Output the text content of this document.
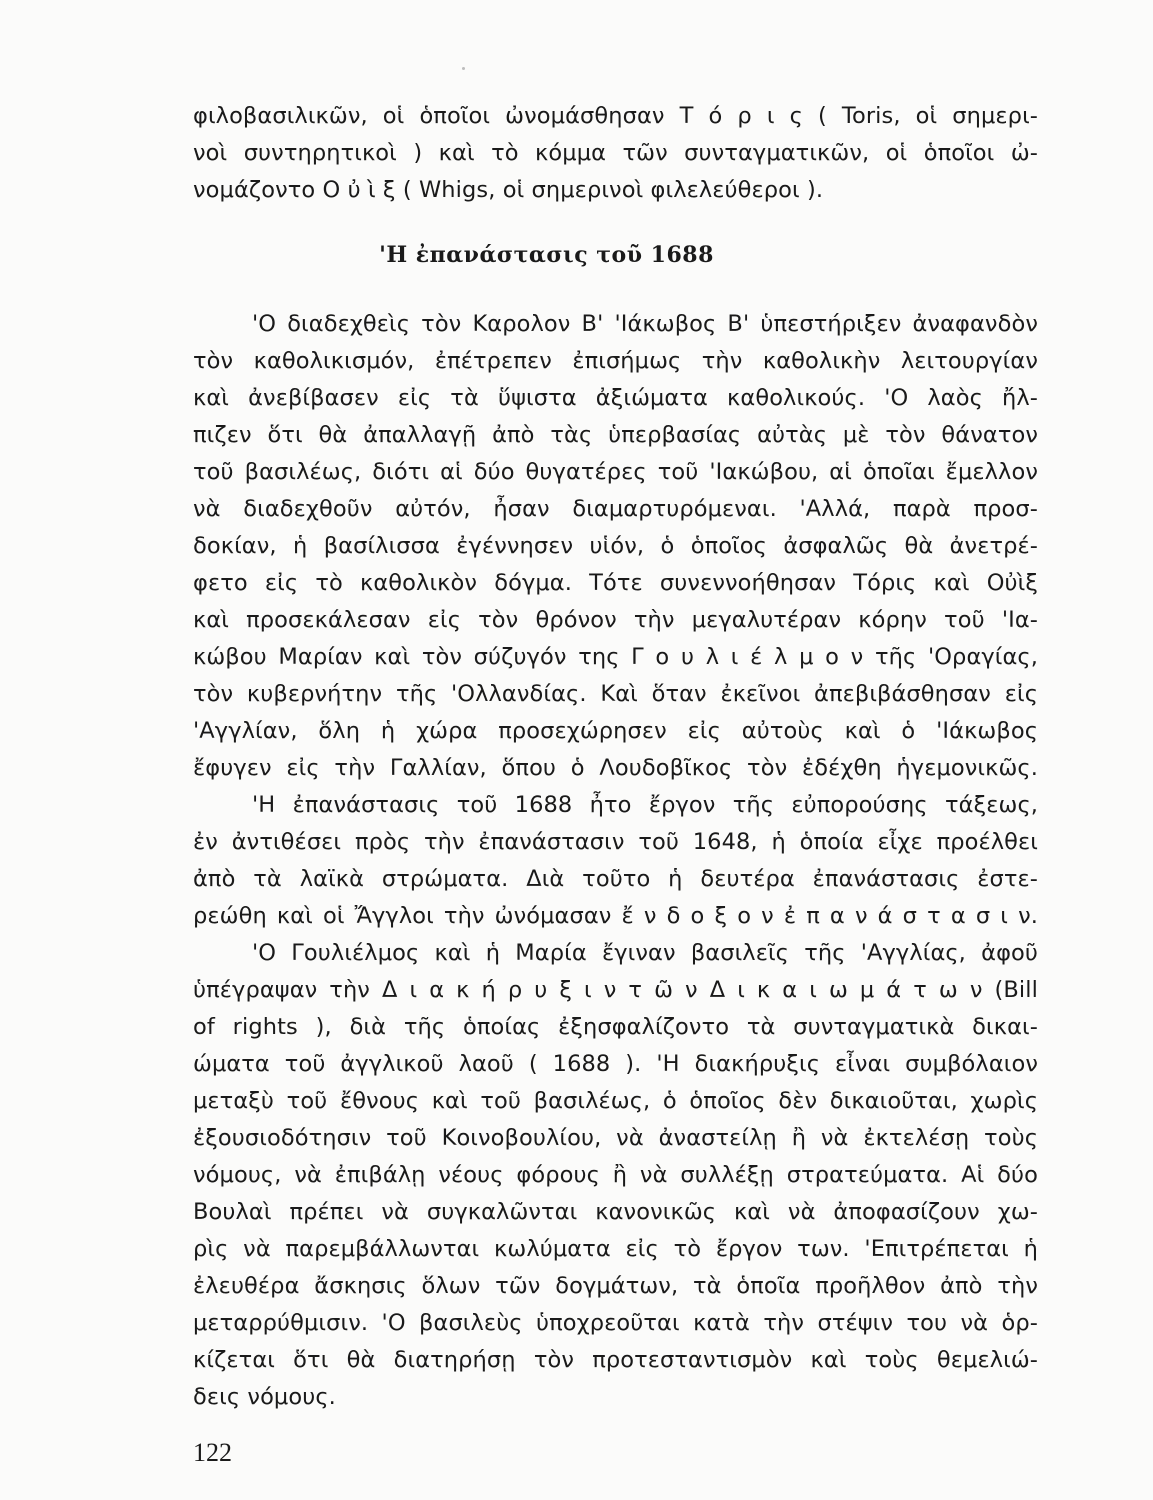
φιλοβασιλικῶν, οἱ ὁποῖοι ὠνομάσθησαν Τ ό ρ ι ς ( Toris, οἱ σημερι-
νοὶ συντηρητικοὶ ) καὶ τὸ κόμμα τῶν συνταγματικῶν, οἱ ὁποῖοι ὠ-
νομάζοντο Ο ὐ ὶ ξ ( Whigs, οἱ σημερινοὶ φιλελεύθεροι ).
'Η ἐπανάστασις τοῦ 1688
'Ο διαδεχθεὶς τὸν Καρολον Β' 'Ιάκωβος Β' ὑπεστήριξεν ἀναφανδὸν
τὸν καθολικισμόν, ἐπέτρεπεν ἐπισήμως τὴν καθολικὴν λειτουργίαν
καὶ ἀνεβίβασεν εἰς τὰ ὕψιστα ἀξιώματα καθολικούς. 'Ο λαὸς ἤλ-
πιζεν ὅτι θὰ ἀπαλλαγῇ ἀπὸ τὰς ὑπερβασίας αὐτὰς μὲ τὸν θάνατον
τοῦ βασιλέως, διότι αἱ δύο θυγατέρες τοῦ 'Ιακώβου, αἱ ὁποῖαι ἔμελλον
νὰ διαδεχθοῦν αὐτόν, ἦσαν διαμαρτυρόμεναι. 'Αλλά, παρὰ προσ-
δοκίαν, ἡ βασίλισσα ἐγέννησεν υἱόν, ὁ ὁποῖος ἀσφαλῶς θὰ ἀνετρέ-
φετο εἰς τὸ καθολικὸν δόγμα. Τότε συνεννοήθησαν Τόρις καὶ Οὐὶξ
καὶ προσεκάλεσαν εἰς τὸν θρόνον τὴν μεγαλυτέραν κόρην τοῦ 'Ια-
κώβου Μαρίαν καὶ τὸν σύζυγόν της Γ ο υ λ ι έ λ μ ο ν τῆς 'Οραγίας,
τὸν κυβερνήτην τῆς 'Ολλανδίας. Καὶ ὅταν ἐκεῖνοι ἀπεβιβάσθησαν εἰς
'Αγγλίαν, ὅλη ἡ χώρα προσεχώρησεν εἰς αὐτοὺς καὶ ὁ 'Ιάκωβος
ἔφυγεν εἰς τὴν Γαλλίαν, ὅπου ὁ Λουδοβῖκος τὸν ἐδέχθη ἡγεμονικῶς.
'Η ἐπανάστασις τοῦ 1688 ἦτο ἔργον τῆς εὐπορούσης τάξεως,
ἐν ἀντιθέσει πρὸς τὴν ἐπανάστασιν τοῦ 1648, ἡ ὁποία εἶχε προέλθει
ἀπὸ τὰ λαϊκὰ στρώματα. Διὰ τοῦτο ἡ δευτέρα ἐπανάστασις ἐστε-
ρεώθη καὶ οἱ Ἄγγλοι τὴν ὠνόμασαν ἔ ν δ ο ξ ο ν ἐ π α ν ά σ τ α σ ι ν.
'Ο Γουλιέλμος καὶ ἡ Μαρία ἔγιναν βασιλεῖς τῆς 'Αγγλίας, ἀφοῦ
ὑπέγραψαν τὴν Δ ι α κ ή ρ υ ξ ι ν τ ῶ ν Δ ι κ α ι ω μ ά τ ω ν (Bill
of rights ), διὰ τῆς ὁποίας ἐξησφαλίζοντο τὰ συνταγματικὰ δικαι-
ώματα τοῦ ἀγγλικοῦ λαοῦ ( 1688 ). 'Η διακήρυξις εἶναι συμβόλαιον
μεταξὺ τοῦ ἔθνους καὶ τοῦ βασιλέως, ὁ ὁποῖος δὲν δικαιοῦται, χωρὶς
ἐξουσιοδότησιν τοῦ Κοινοβουλίου, νὰ ἀναστείλῃ ἢ νὰ ἐκτελέσῃ τοὺς
νόμους, νὰ ἐπιβάλῃ νέους φόρους ἢ νὰ συλλέξῃ στρατεύματα. Αἱ δύο
Βουλαὶ πρέπει νὰ συγκαλῶνται κανονικῶς καὶ νὰ ἀποφασίζουν χω-
ρὶς νὰ παρεμβάλλωνται κωλύματα εἰς τὸ ἔργον των. 'Επιτρέπεται ἡ
ἐλευθέρα ἄσκησις ὅλων τῶν δογμάτων, τὰ ὁποῖα προῆλθον ἀπὸ τὴν
μεταρρύθμισιν. 'Ο βασιλεὺς ὑποχρεοῦται κατὰ τὴν στέψιν του νὰ ὁρ-
κίζεται ὅτι θὰ διατηρήσῃ τὸν προτεσταντισμὸν καὶ τοὺς θεμελιώ-
δεις νόμους.
122
